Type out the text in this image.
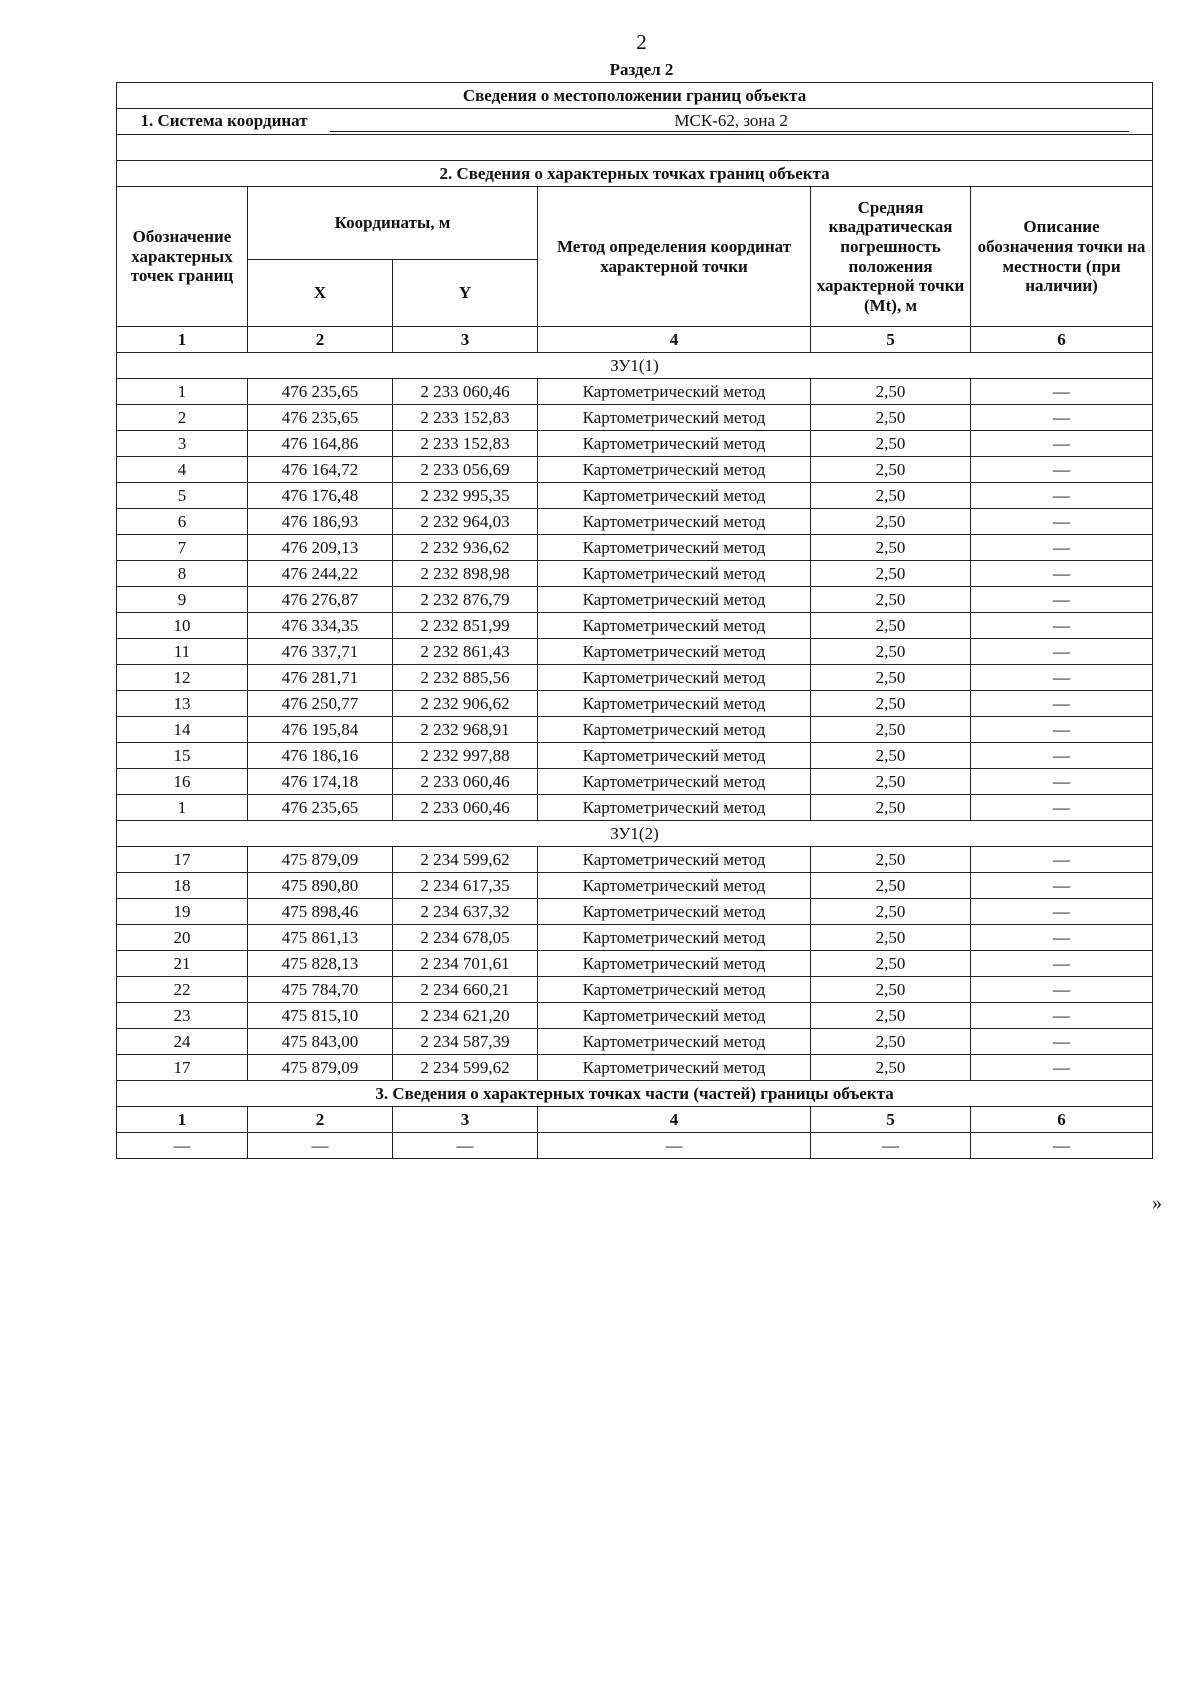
2
Раздел 2
Сведения о местоположении границ объекта					
1. Система координат МСК-62, зона 2					

2. Сведения о характерных точках границ объекта					
Обозначение характерных точек границ	Координаты, м		Метод определения координат характерной точки	Средняя квадратическая погрешность положения характерной точки (Mt), м	Описание обозначения точки на местности (при наличии)
	X	Y			
1	2	3	4	5	6
ЗУ1(1)					
1	476 235,65	2 233 060,46	Картометрический метод	2,50	—
2	476 235,65	2 233 152,83	Картометрический метод	2,50	—
3	476 164,86	2 233 152,83	Картометрический метод	2,50	—
4	476 164,72	2 233 056,69	Картометрический метод	2,50	—
5	476 176,48	2 232 995,35	Картометрический метод	2,50	—
6	476 186,93	2 232 964,03	Картометрический метод	2,50	—
7	476 209,13	2 232 936,62	Картометрический метод	2,50	—
8	476 244,22	2 232 898,98	Картометрический метод	2,50	—
9	476 276,87	2 232 876,79	Картометрический метод	2,50	—
10	476 334,35	2 232 851,99	Картометрический метод	2,50	—
11	476 337,71	2 232 861,43	Картометрический метод	2,50	—
12	476 281,71	2 232 885,56	Картометрический метод	2,50	—
13	476 250,77	2 232 906,62	Картометрический метод	2,50	—
14	476 195,84	2 232 968,91	Картометрический метод	2,50	—
15	476 186,16	2 232 997,88	Картометрический метод	2,50	—
16	476 174,18	2 233 060,46	Картометрический метод	2,50	—
1	476 235,65	2 233 060,46	Картометрический метод	2,50	—
ЗУ1(2)					
17	475 879,09	2 234 599,62	Картометрический метод	2,50	—
18	475 890,80	2 234 617,35	Картометрический метод	2,50	—
19	475 898,46	2 234 637,32	Картометрический метод	2,50	—
20	475 861,13	2 234 678,05	Картометрический метод	2,50	—
21	475 828,13	2 234 701,61	Картометрический метод	2,50	—
22	475 784,70	2 234 660,21	Картометрический метод	2,50	—
23	475 815,10	2 234 621,20	Картометрический метод	2,50	—
24	475 843,00	2 234 587,39	Картометрический метод	2,50	—
17	475 879,09	2 234 599,62	Картометрический метод	2,50	—
3. Сведения о характерных точках части (частей) границы объекта					
1	2	3	4	5	6
—	—	—	—	—	—
»
